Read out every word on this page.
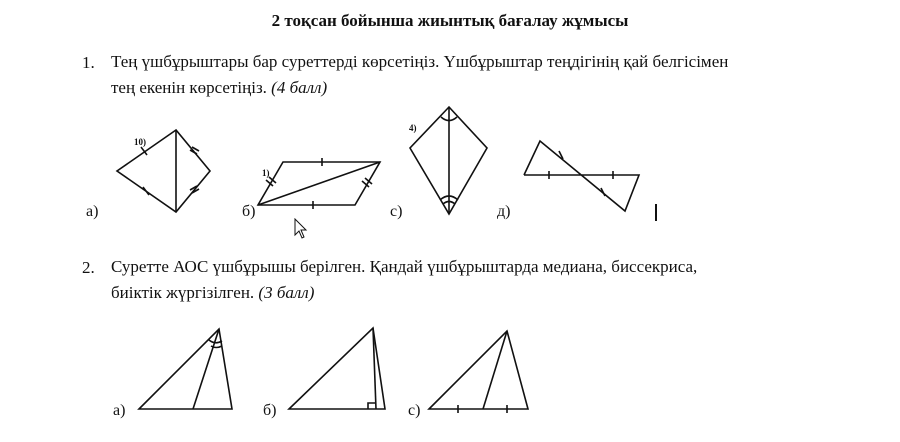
2 тоқсан бойынша жиынтық бағалау жұмысы
1. Тең үшбұрыштары бар суреттерді көрсетіңіз. Үшбұрыштар теңдігінің қай белгісімен
тең екенін көрсетіңіз. (4 балл)
а)	б)	с)	д)
2. Суретте АОС үшбұрышы берілген. Қандай үшбұрыштарда медиана, биссекриса,
биіктік жүргізілген. (3 балл)
а)	б)	с)
10)
1)
4)
